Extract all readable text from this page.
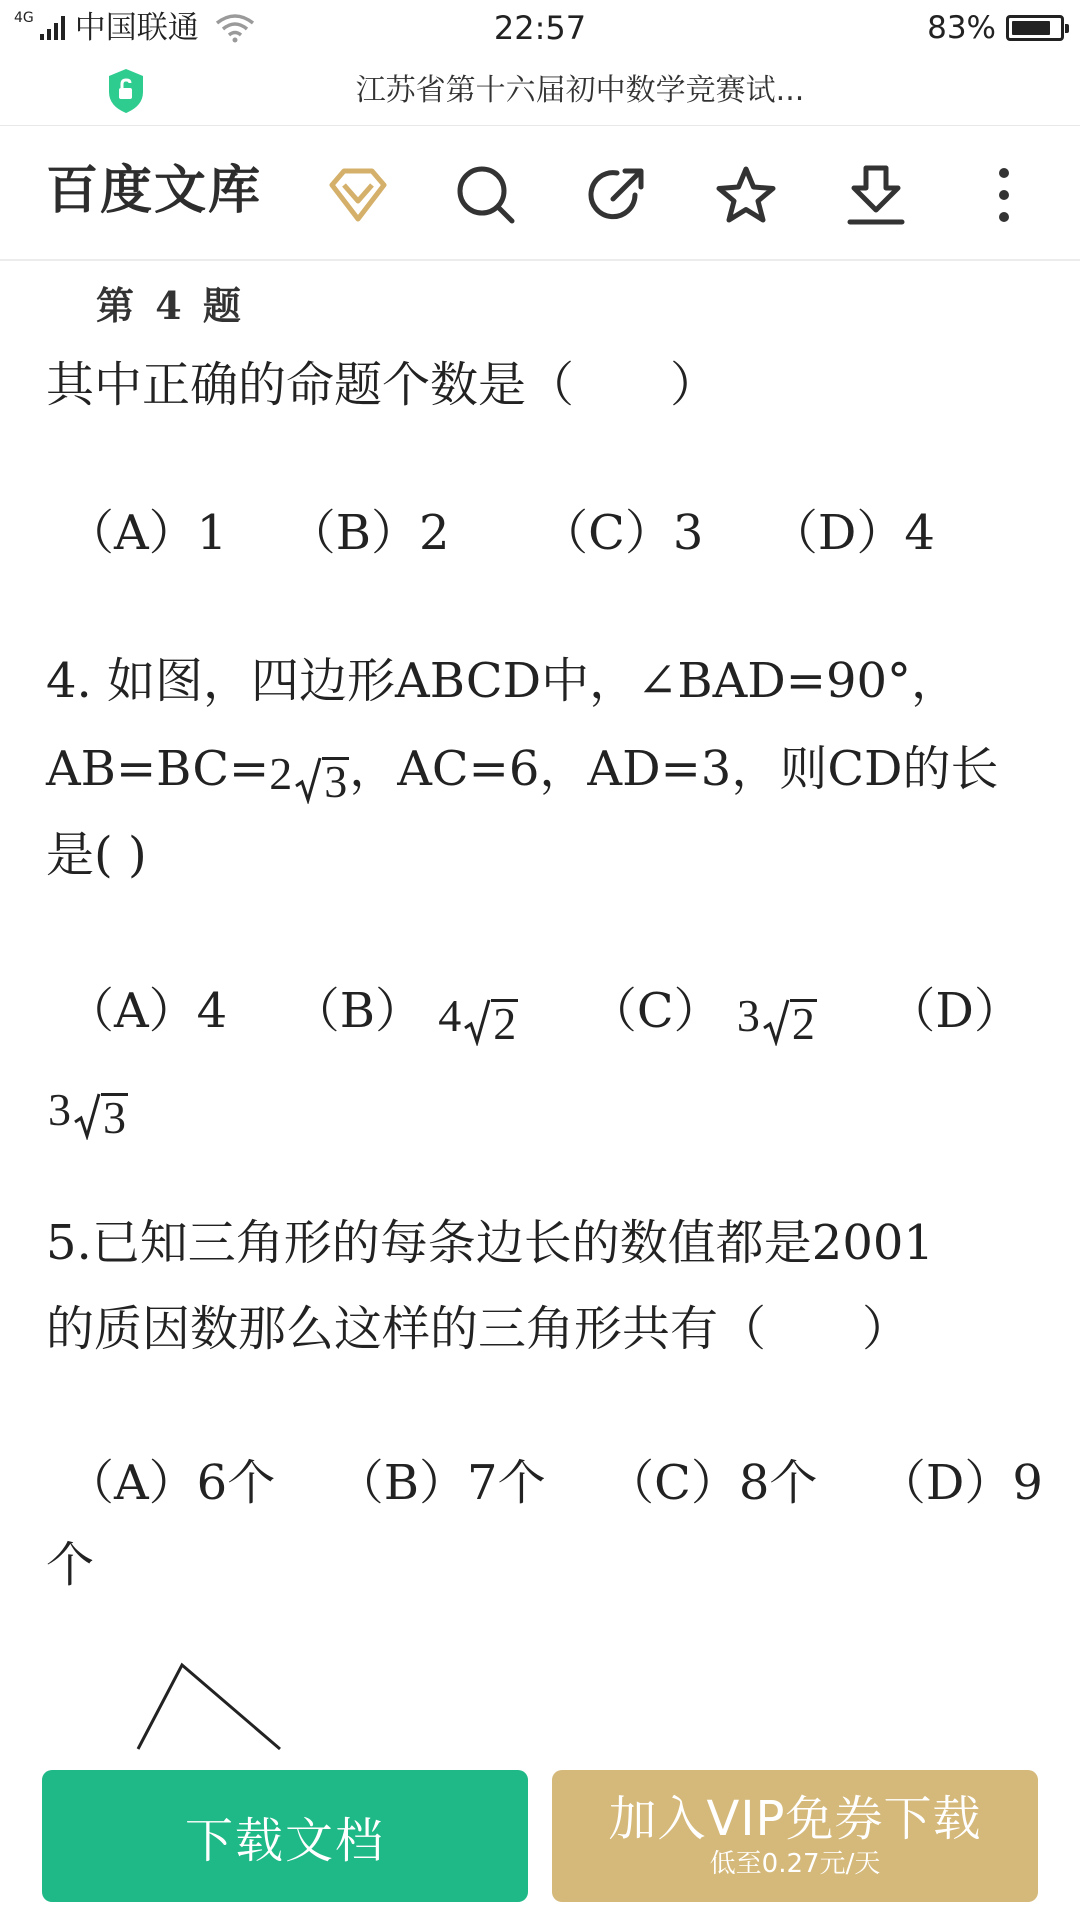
4G 中国联通	22:57	83%
江苏省第十六届初中数学竞赛试...
百度文库
第 4 题
其中正确的命题个数是（　　）
（A）1 （B）2 （C）3 （D）4
4. 如图，四边形ABCD中，∠BAD=90°，
AB=BC= 2 3 ，AC=6，AD=3，则CD的长
是( )
（A）4 （B） 4 2 （C） 3 2 （D）
3 3
5.已知三角形的每条边长的数值都是2001
的质因数那么这样的三角形共有（　　）
（A）6个 （B）7个 （C）8个 （D）9
个
下载文档	加入VIP免券下载
低至0.27元/天
